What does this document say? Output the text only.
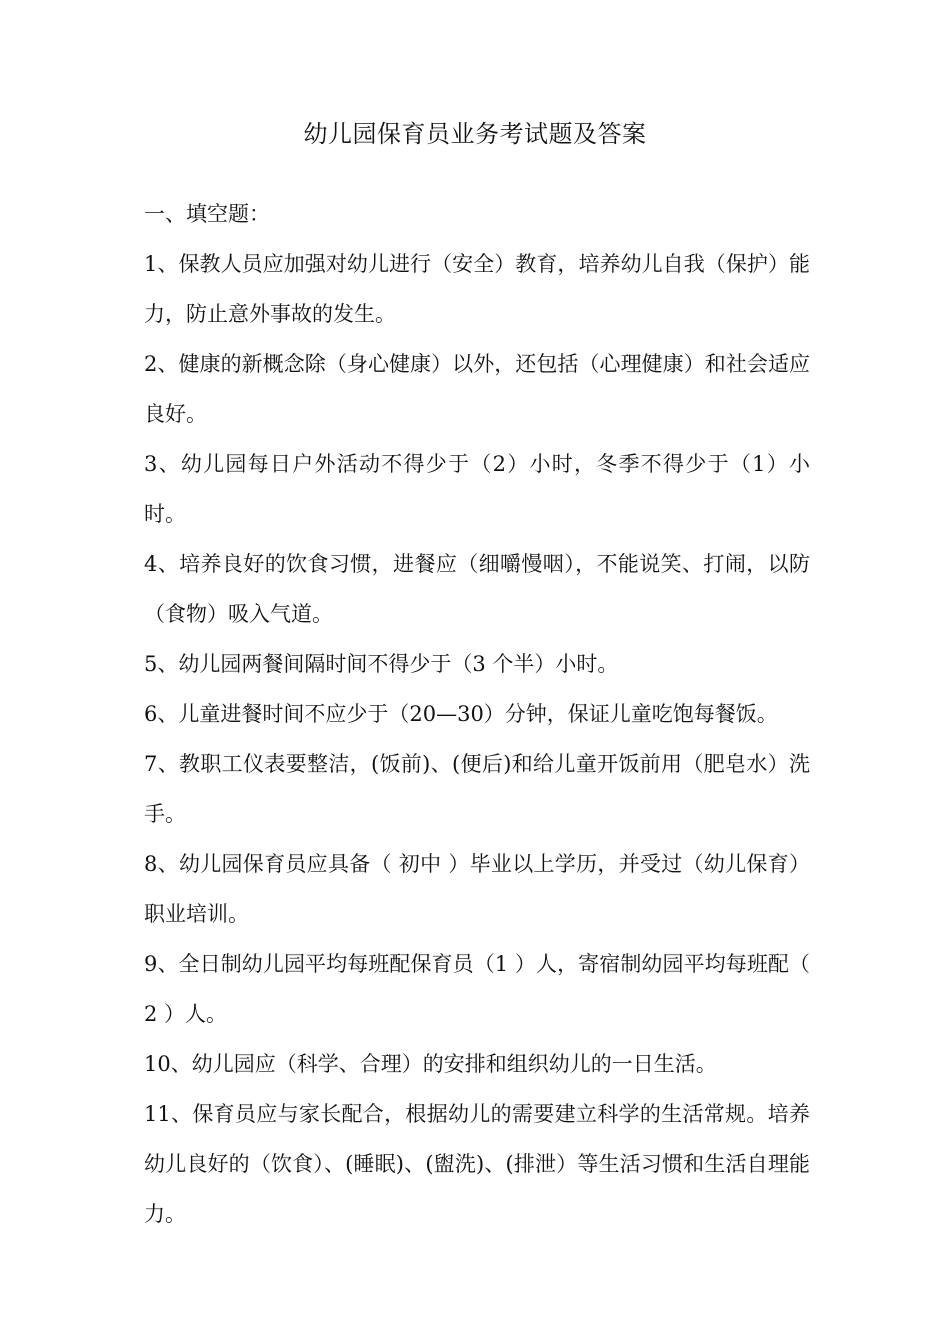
幼儿园保育员业务考试题及答案
一、填空题：

1、保教人员应加强对幼儿进行（安全）教育，培养幼儿自我（保护）能力，防止意外事故的发生。

2、健康的新概念除（身心健康）以外，还包括（心理健康）和社会适应良好。

3、幼儿园每日户外活动不得少于（2）小时，冬季不得少于（1）小时。

4、培养良好的饮食习惯，进餐应（细嚼慢咽），不能说笑、打闹，以防（食物）吸入气道。

5、幼儿园两餐间隔时间不得少于（3 个半）小时。

6、儿童进餐时间不应少于（20—30）分钟，保证儿童吃饱每餐饭。

7、教职工仪表要整洁，(饭前)、(便后)和给儿童开饭前用（肥皂水）洗手。

8、幼儿园保育员应具备（ 初中 ）毕业以上学历，并受过（幼儿保育）职业培训。

9、全日制幼儿园平均每班配保育员（1 ）人，寄宿制幼园平均每班配（ 2 ）人。

10、幼儿园应（科学、合理）的安排和组织幼儿的一日生活。

11、保育员应与家长配合，根据幼儿的需要建立科学的生活常规。培养幼儿良好的（饮食）、(睡眠)、(盥洗)、(排泄）等生活习惯和生活自理能力。
